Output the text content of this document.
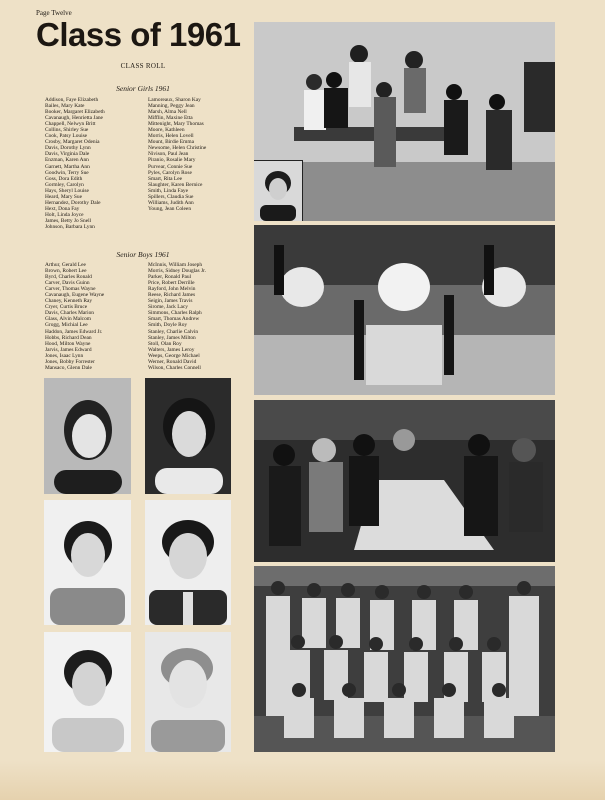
Page Twelve
Class of 1961
CLASS ROLL
Senior Girls 1961
Addison, Faye Elizabeth
Bailes, Mary Kate
Booker, Margaret Elizabeth
Cavanaugh, Henrietta Jane
Chappell, Nelwyn Britt
Collins, Shirley Sue
Cook, Patsy Louise
Crosby, Margaret Odenia
Davis, Dorothy Lynn
Davis, Virginia Dale
Enzman, Karen Ann
Garnett, Martha Ann
Goodwin, Terry Sue
Goss, Dora Edith
Gormley, Carolyn
Hays, Sheryl Louise
Heard, Mary Sue
Hernandez, Dorothy Dale
Hext, Dona Fay
Holt, Linda Joyce
James, Betty Jo Snell
Johnson, Barbara Lynn
Lamoreaux, Sharon Kay
Manning, Peggy Jean
Marsh, Alma Nell
Mifflin, Maxine Etta
Mittenight, Mary Thomas
Moore, Kathleen
Morris, Helen Lovell
Mount, Birdie Emma
Newsome, Helen Christine
Nivison, Paul Jean
Piranio, Rosalie Mary
Purvear, Connie Sue
Pyles, Carolyn Rose
Smart, Rita Lee
Slaughter, Karen Bernice
Smith, Linda Faye
Spillers, Claudia Sue
Williams, Judith Ann
Young, Jean Coleen
Senior Boys 1961
Arthur, Gerald Lee
Brown, Robert Lee
Byrd, Charles Ronald
Carver, Davis Guinn
Carver, Thomas Wayne
Cavanaugh, Eugene Wayne
Chaney, Kenneth Ray
Cryer, Curtis Bruce
Davis, Charles Marion
Glass, Alvin Malcom
Grogg, Michial Lee
Haddon, James Edward Jr.
Hobbs, Richard Dean
Hood, Milton Wayne
Jarvis, James Edward
Jones, Isaac Lynn
Jones, Bobby Forrester
Mansaco, Glenn Dale
McInnis, William Joseph
Morris, Sidney Douglas Jr.
Parker, Ronald Paul
Price, Robert Derrille
Rayford, John Melvin
Reese, Richard James
Seigin, James Travis
Sirome, Jack Lacy
Simmons, Charles Ralph
Smart, Thomas Andrew
Smith, Doyle Roy
Stanley, Charlie Calvin
Stanley, James Milton
Stoll, Olan Roy
Walters, James Leroy
Weeps, George Michael
Werner, Ronald David
Wilson, Charles Connell
